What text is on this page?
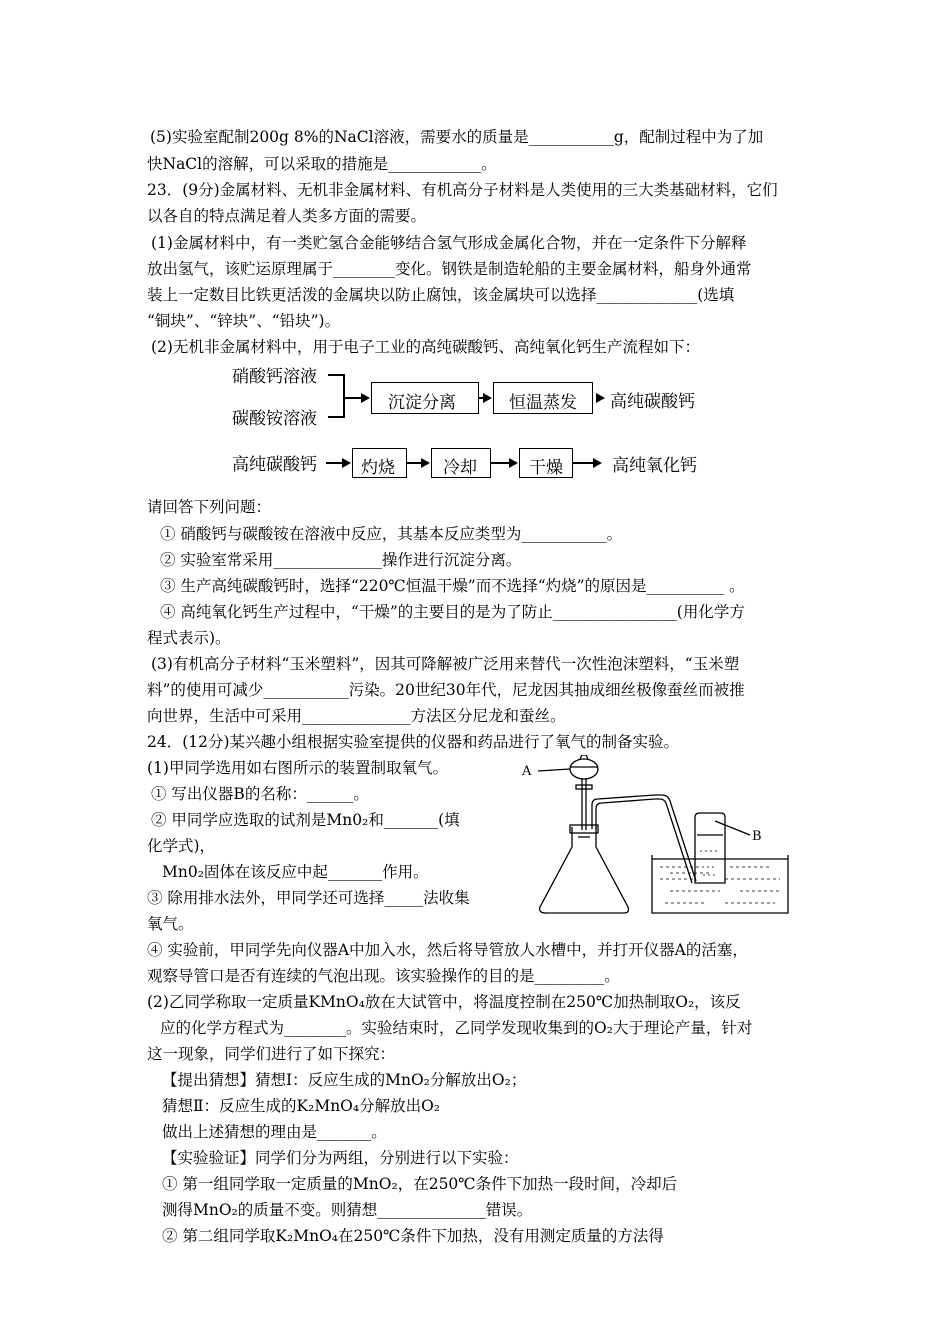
(5)实验室配制200g 8%的NaCl溶液，需要水的质量是___________g，配制过程中为了加
快NaCl的溶解，可以采取的措施是____________。
23．(9分)金属材料、无机非金属材料、有机高分子材料是人类使用的三大类基础材料，它们
以各自的特点满足着人类多方面的需要。
(1)金属材料中，有一类贮氢合金能够结合氢气形成金属化合物，并在一定条件下分解释
放出氢气，该贮运原理属于________变化。钢铁是制造轮船的主要金属材料，船身外通常
装上一定数目比铁更活泼的金属块以防止腐蚀，该金属块可以选择_____________(选填
“铜块”、“锌块”、“铅块”)。
(2)无机非金属材料中，用于电子工业的高纯碳酸钙、高纯氧化钙生产流程如下：
硝酸钙溶液
碳酸铵溶液
沉淀分离	恒温蒸发 高纯碳酸钙
高纯碳酸钙	灼烧	冷却	干燥	高纯氧化钙
请回答下列问题：
① 硝酸钙与碳酸铵在溶液中反应，其基本反应类型为___________。
② 实验室常采用______________操作进行沉淀分离。
③ 生产高纯碳酸钙时，选择“220℃恒温干燥”而不选择“灼烧”的原因是__________ 。
④ 高纯氧化钙生产过程中，“干燥”的主要目的是为了防止________________(用化学方
程式表示)。
(3)有机高分子材料“玉米塑料”，因其可降解被广泛用来替代一次性泡沫塑料，“玉米塑
料”的使用可减少___________污染。20世纪30年代，尼龙因其抽成细丝极像蚕丝而被推
向世界，生活中可采用______________方法区分尼龙和蚕丝。
24．(12分)某兴趣小组根据实验室提供的仪器和药品进行了氧气的制备实验。
(1)甲同学选用如右图所示的装置制取氧气。
① 写出仪器B的名称：______。
② 甲同学应选取的试剂是Mn0₂和_______(填
化学式)，
Mn0₂固体在该反应中起_______作用。
③ 除用排水法外，甲同学还可选择_____法收集
氧气。
A
B
④ 实验前，甲同学先向仪器A中加入水，然后将导管放人水槽中，并打开仪器A的活塞，
观察导管口是否有连续的气泡出现。该实验操作的目的是_________。
(2)乙同学称取一定质量KMnO₄放在大试管中，将温度控制在250℃加热制取O₂，该反
应的化学方程式为________。实验结束时，乙同学发现收集到的O₂大于理论产量，针对
这一现象，同学们进行了如下探究：
【提出猜想】猜想Ⅰ：反应生成的MnO₂分解放出O₂；
猜想Ⅱ：反应生成的K₂MnO₄分解放出O₂
做出上述猜想的理由是_______。
【实验验证】同学们分为两组，分别进行以下实验：
① 第一组同学取一定质量的MnO₂，在250℃条件下加热一段时间，冷却后
测得MnO₂的质量不变。则猜想______________错误。
② 第二组同学取K₂MnO₄在250℃条件下加热，没有用测定质量的方法得
